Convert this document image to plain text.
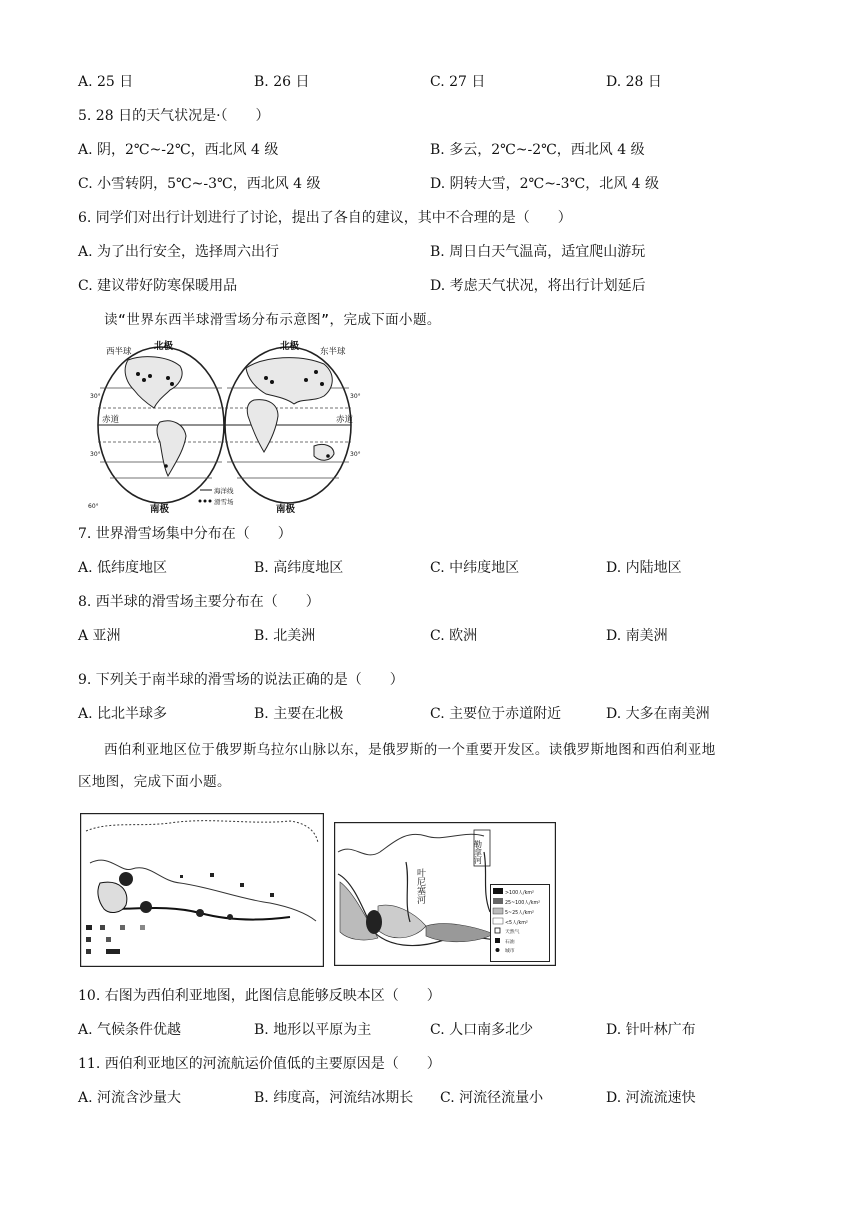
A. 25 日	B. 26 日	C. 27 日	D. 28 日
5. 28 日的天气状况是·（　　）
A. 阴，2℃~-2℃，西北风 4 级	B. 多云，2℃~-2℃，西北风 4 级
C. 小雪转阴，5℃~-3℃，西北风 4 级	D. 阴转大雪，2℃~-3℃，北风 4 级
6. 同学们对出行计划进行了讨论，提出了各自的建议，其中不合理的是（　　）
A. 为了出行安全，选择周六出行	B. 周日白天气温高，适宜爬山游玩
C. 建议带好防寒保暖用品	D. 考虑天气状况，将出行计划延后
读“世界东西半球滑雪场分布示意图”，完成下面小题。
西半球 北极	北极 东半球
赤道	赤道
30°
60°
30°
30°
30°
海洋线
滑雪场
南极	南极
7. 世界滑雪场集中分布在（　　）
A. 低纬度地区	B. 高纬度地区	C. 中纬度地区	D. 内陆地区
8. 西半球的滑雪场主要分布在（　　）
A 亚洲	B. 北美洲	C. 欧洲	D. 南美洲
9. 下列关于南半球的滑雪场的说法正确的是（　　）
A. 比北半球多	B. 主要在北极	C. 主要位于赤道附近	D. 大多在南美洲
西伯利亚地区位于俄罗斯乌拉尔山脉以东，是俄罗斯的一个重要开发区。读俄罗斯地图和西伯利亚地
区地图，完成下面小题。
叶尼塞河
勒拿河
>100人/km²
25~100人/km²
5~25人/km²
<5人/km²
天然气
石油
城市
10. 右图为西伯利亚地图，此图信息能够反映本区（　　）
A. 气候条件优越	B. 地形以平原为主	C. 人口南多北少	D. 针叶林广布
11. 西伯利亚地区的河流航运价值低的主要原因是（　　）
A. 河流含沙量大	B. 纬度高，河流结冰期长 C. 河流径流量小	D. 河流流速快
